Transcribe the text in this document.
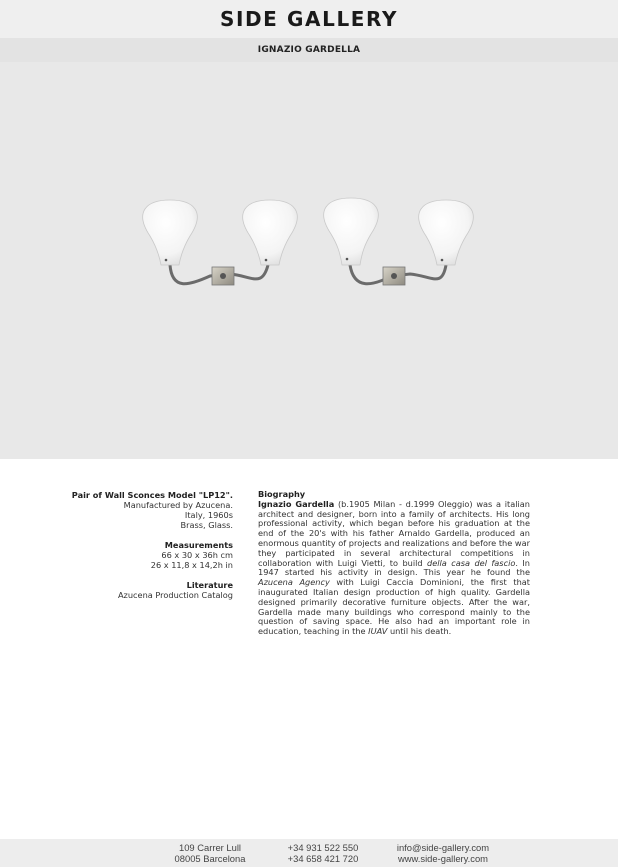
SIDE GALLERY
IGNAZIO GARDELLA
Pair of Wall Sconces Model "LP12".
Manufactured by Azucena.
Italy, 1960s
Brass, Glass.
Measurements
66 x 30 x 36h cm
26 x 11,8 x 14,2h in
Literature
Azucena Production Catalog
Biography
Ignazio Gardella (b.1905 Milan - d.1999 Oleggio) was a italian architect and designer, born into a family of architects. His long professional activity, which began before his graduation at the end of the 20's with his father Arnaldo Gardella, produced an enormous quantity of projects and realizations and before the war they participated in several architectural competitions in collaboration with Luigi Vietti, to build della casa del fascio. In 1947 started his activity in design. This year he found the Azucena Agency with Luigi Caccia Dominioni, the first that inaugurated Italian design production of high quality. Gardella designed primarily decorative furniture objects. After the war, Gardella made many buildings who correspond mainly to the question of saving space. He also had an important role in education, teaching in the IUAV until his death.
109 Carrer Lull
08005 Barcelona
+34 931 522 550
+34 658 421 720
info@side-gallery.com
www.side-gallery.com
